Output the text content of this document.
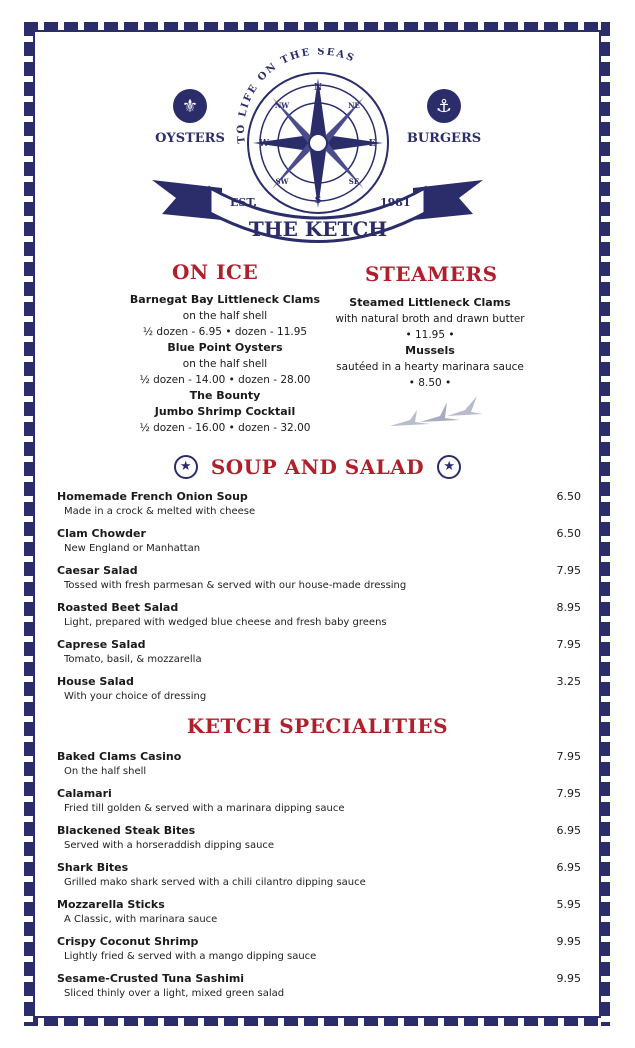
N
S
E
W
NE
NW
SE
SW
TO LIFE ON THE SEAS
⚜
OYSTERS
⚓
BURGERS
EST.	1981
THE KETCH
ON ICE
Barnegat Bay Littleneck Clams
on the half shell
½ dozen - 6.95 • dozen - 11.95
Blue Point Oysters
on the half shell
½ dozen - 14.00 • dozen - 28.00
The Bounty
Jumbo Shrimp Cocktail
½ dozen - 16.00 • dozen - 32.00
STEAMERS
Steamed Littleneck Clams
with natural broth and drawn butter
• 11.95 •
Mussels
sautéed in a hearty marinara sauce
• 8.50 •
★ SOUP AND SALAD ★
Homemade French Onion Soup
Made in a crock & melted with cheese
6.50
Clam Chowder
New England or Manhattan
6.50
Caesar Salad
Tossed with fresh parmesan & served with our house-made dressing
7.95
Roasted Beet Salad
Light, prepared with wedged blue cheese and fresh baby greens
8.95
Caprese Salad
Tomato, basil, & mozzarella
7.95
House Salad
With your choice of dressing
3.25
KETCH SPECIALITIES
Baked Clams Casino
On the half shell
7.95
Calamari
Fried till golden & served with a marinara dipping sauce
7.95
Blackened Steak Bites
Served with a horseraddish dipping sauce
6.95
Shark Bites
Grilled mako shark served with a chili cilantro dipping sauce
6.95
Mozzarella Sticks
A Classic, with marinara sauce
5.95
Crispy Coconut Shrimp
Lightly fried & served with a mango dipping sauce
9.95
Sesame-Crusted Tuna Sashimi
Sliced thinly over a light, mixed green salad
9.95
